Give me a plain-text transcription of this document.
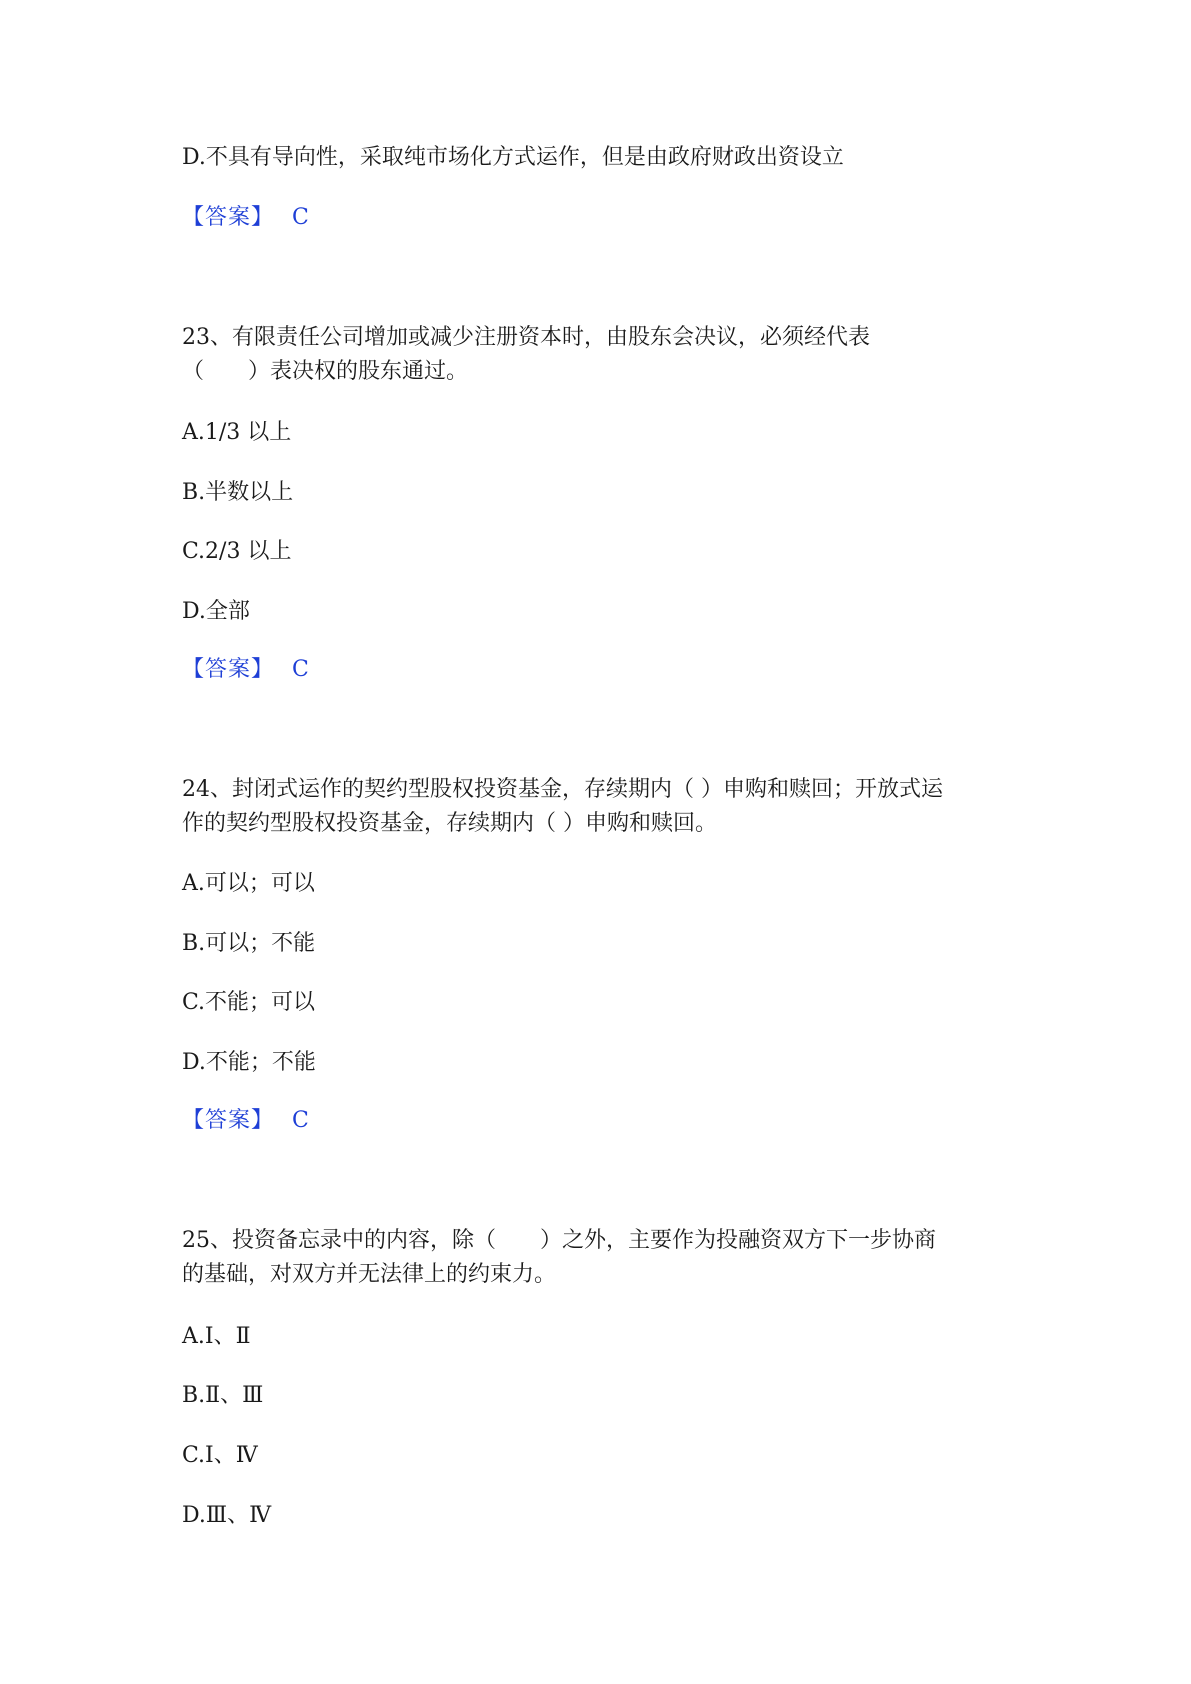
D.不具有导向性，采取纯市场化方式运作，但是由政府财政出资设立
【答案】 C
23、有限责任公司增加或减少注册资本时，由股东会决议，必须经代表
（　　）表决权的股东通过。
A.1/3 以上
B.半数以上
C.2/3 以上
D.全部
【答案】 C
24、封闭式运作的契约型股权投资基金，存续期内（ ）申购和赎回；开放式运
作的契约型股权投资基金，存续期内（ ）申购和赎回。
A.可以；可以
B.可以；不能
C.不能；可以
D.不能；不能
【答案】 C
25、投资备忘录中的内容，除（　　）之外，主要作为投融资双方下一步协商
的基础，对双方并无法律上的约束力。
A.Ⅰ、Ⅱ
B.Ⅱ、Ⅲ
C.Ⅰ、Ⅳ
D.Ⅲ、Ⅳ
